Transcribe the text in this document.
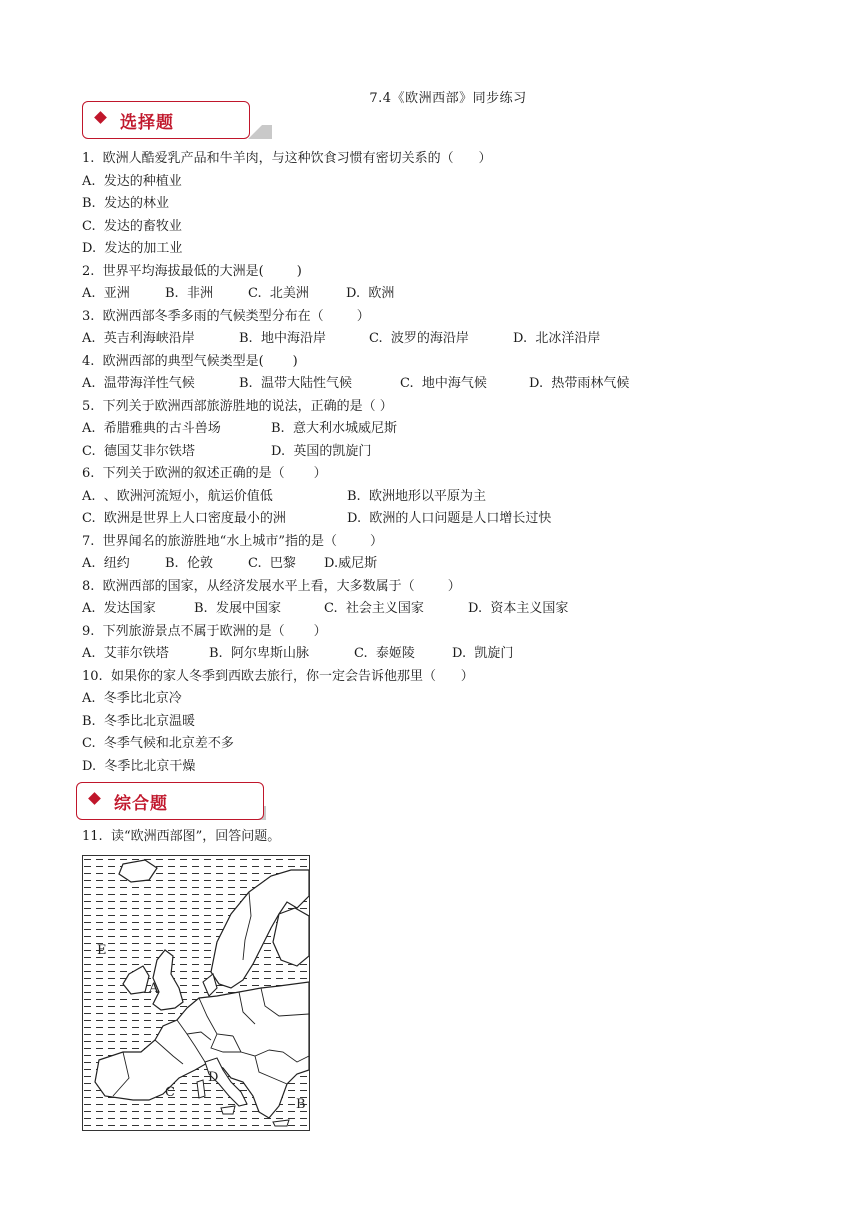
7.4《欧洲西部》同步练习
选择题
1.  欧洲人酷爱乳产品和牛羊肉，与这种饮食习惯有密切关系的（      ）
A.  发达的种植业
B.  发达的林业
C.  发达的畜牧业
D.  发达的加工业
2.  世界平均海拔最低的大洲是(        )
A.  亚洲	B.  非洲	C.  北美洲	D.  欧洲
3.  欧洲西部冬季多雨的气候类型分布在（        ）
A.  英吉利海峡沿岸	B.  地中海沿岸	C.  波罗的海沿岸	D.  北冰洋沿岸
4.  欧洲西部的典型气候类型是(       )
A.  温带海洋性气候	B.  温带大陆性气候	C.  地中海气候	D.  热带雨林气候
5.  下列关于欧洲西部旅游胜地的说法，正确的是（ ）
A.  希腊雅典的古斗兽场	B.  意大利水城威尼斯
C.  德国艾非尔铁塔	D.  英国的凯旋门
6.  下列关于欧洲的叙述正确的是（       ）
A.  、欧洲河流短小，航运价值低	B.  欧洲地形以平原为主
C.  欧洲是世界上人口密度最小的洲	D.  欧洲的人口问题是人口增长过快
7.  世界闻名的旅游胜地“水上城市”指的是（        ）
A.  纽约	B.  伦敦	C.  巴黎	D.威尼斯
8.  欧洲西部的国家，从经济发展水平上看，大多数属于（        ）
A.  发达国家	B.  发展中国家	C.  社会主义国家	D.  资本主义国家
9.  下列旅游景点不属于欧洲的是（       ）
A.  艾菲尔铁塔	B.  阿尔卑斯山脉	C.  泰姬陵	D.  凯旋门
10.  如果你的家人冬季到西欧去旅行，你一定会告诉他那里（      ）
A.  冬季比北京冷
B.  冬季比北京温暖
C.  冬季气候和北京差不多
D.  冬季比北京干燥
综合题
11.  读“欧洲西部图”，回答问题。
E
A
C
D
B
